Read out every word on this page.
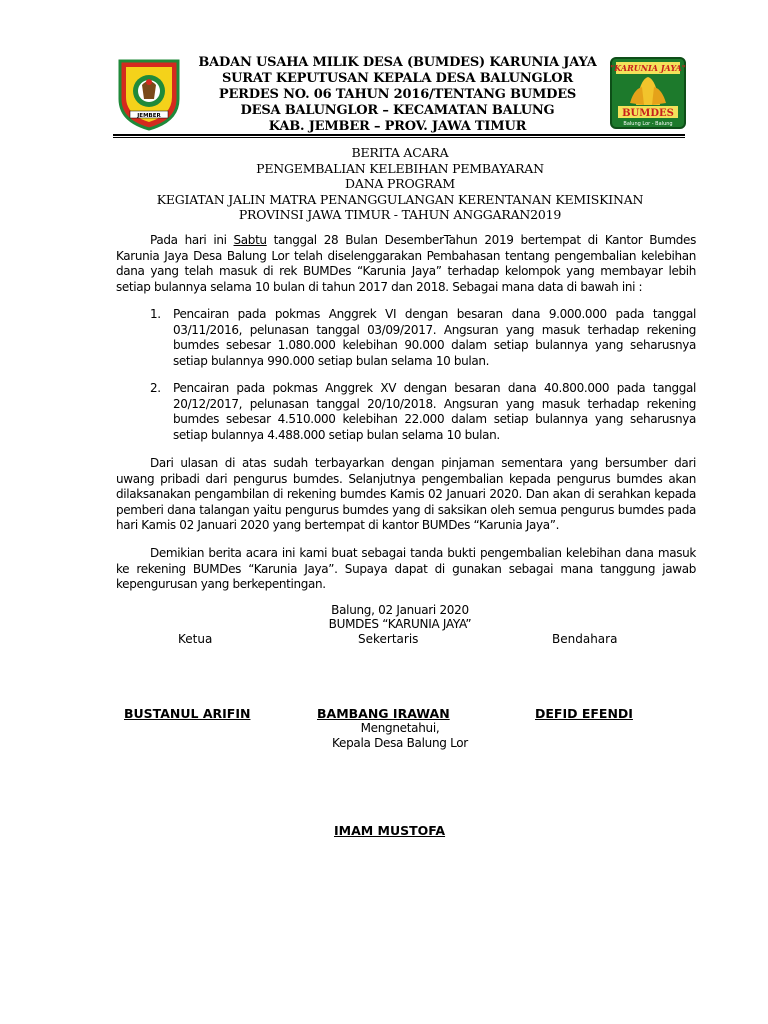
JEMBER
BADAN USAHA MILIK DESA (BUMDES) KARUNIA JAYA
SURAT KEPUTUSAN KEPALA DESA BALUNGLOR
PERDES NO. 06 TAHUN 2016/TENTANG BUMDES
DESA BALUNGLOR – KECAMATAN BALUNG
KAB. JEMBER – PROV. JAWA TIMUR
"KARUNIA JAYA"
BUMDES
Balung Lor - Balung
BERITA ACARA
PENGEMBALIAN KELEBIHAN PEMBAYARAN
DANA PROGRAM
KEGIATAN JALIN MATRA PENANGGULANGAN KERENTANAN KEMISKINAN
PROVINSI JAWA TIMUR - TAHUN ANGGARAN2019

Pada hari ini Sabtu tanggal 28 Bulan DesemberTahun 2019 bertempat di Kantor Bumdes Karunia Jaya Desa Balung Lor telah diselenggarakan Pembahasan tentang pengembalian kelebihan dana yang telah masuk di rek BUMDes “Karunia Jaya” terhadap kelompok yang membayar lebih setiap bulannya selama 10 bulan di tahun 2017 dan 2018. Sebagai mana data di bawah ini :

1. Pencairan pada pokmas Anggrek VI dengan besaran dana 9.000.000 pada tanggal 03/11/2016, pelunasan tanggal 03/09/2017. Angsuran yang masuk terhadap rekening bumdes sebesar 1.080.000 kelebihan 90.000 dalam setiap bulannya yang seharusnya setiap bulannya 990.000 setiap bulan selama 10 bulan.
2. Pencairan pada pokmas Anggrek XV dengan besaran dana 40.800.000 pada tanggal 20/12/2017, pelunasan tanggal 20/10/2018. Angsuran yang masuk terhadap rekening bumdes sebesar 4.510.000 kelebihan 22.000 dalam setiap bulannya yang seharusnya setiap bulannya 4.488.000 setiap bulan selama 10 bulan.

Dari ulasan di atas sudah terbayarkan dengan pinjaman sementara yang bersumber dari uwang pribadi dari pengurus bumdes. Selanjutnya pengembalian kepada pengurus bumdes akan dilaksanakan pengambilan di rekening bumdes Kamis 02 Januari 2020. Dan akan di serahkan kepada pemberi dana talangan yaitu pengurus bumdes yang di saksikan oleh semua pengurus bumdes pada hari Kamis 02 Januari 2020 yang bertempat di kantor BUMDes “Karunia Jaya”.

Demikian berita acara ini kami buat sebagai tanda bukti pengembalian kelebihan dana masuk ke rekening BUMDes “Karunia Jaya”. Supaya dapat di gunakan sebagai mana tanggung jawab kepengurusan yang berkepentingan.

Balung, 02 Januari 2020
BUMDES “KARUNIA JAYA”
Ketua	Sekertaris	Bendahara
BUSTANUL ARIFIN	BAMBANG IRAWAN	DEFID EFENDI
Mengnetahui,
Kepala Desa Balung Lor
IMAM MUSTOFA
